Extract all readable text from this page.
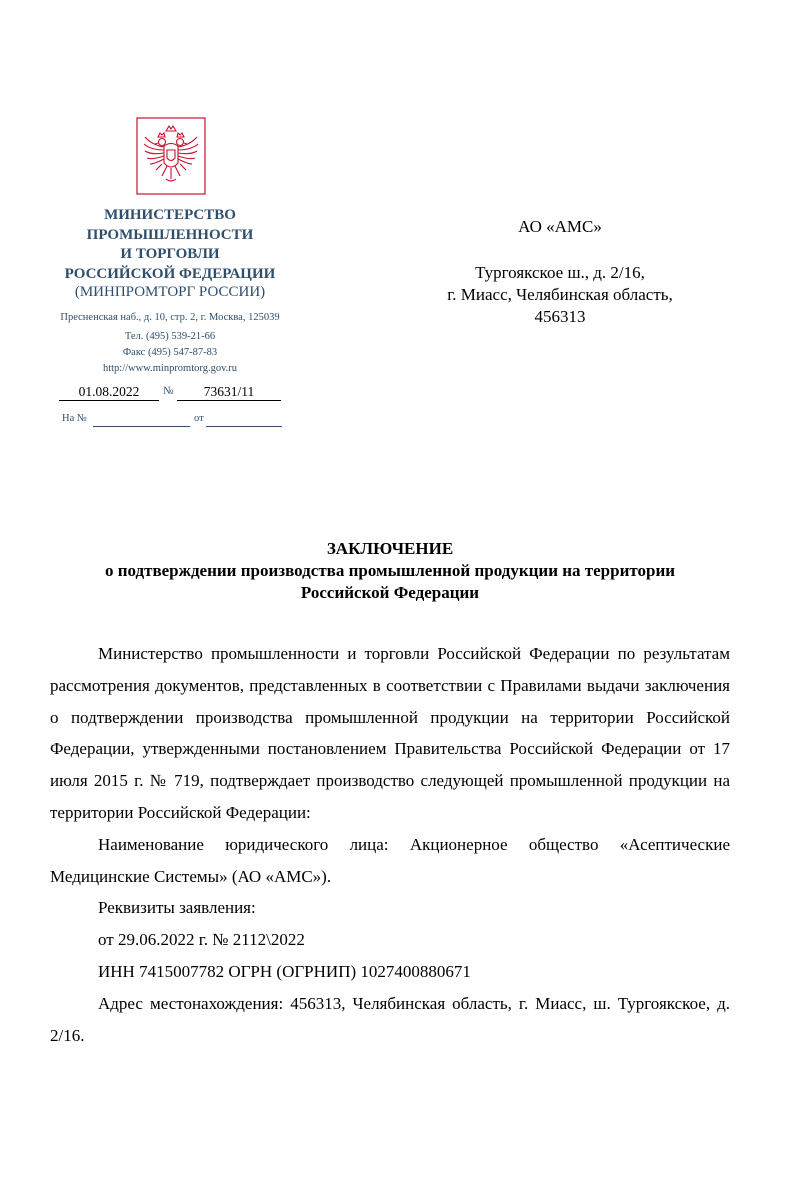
МИНИСТЕРСТВО
ПРОМЫШЛЕННОСТИ
И ТОРГОВЛИ
РОССИЙСКОЙ ФЕДЕРАЦИИ
(МИНПРОМТОРГ РОССИИ)
Пресненская наб., д. 10, стр. 2, г. Москва, 125039
Тел. (495) 539-21-66
Факс (495) 547-87-83
http://www.minpromtorg.gov.ru
01.08.2022	№	73631/11
На №	от
АО «АМС»
Тургоякское ш., д. 2/16,
г. Миасс, Челябинская область,
456313
ЗАКЛЮЧЕНИЕ
о подтверждении производства промышленной продукции на территории
Российской Федерации

Министерство промышленности и торговли Российской Федерации по результатам рассмотрения документов, представленных в соответствии с Правилами выдачи заключения о подтверждении производства промышленной продукции на территории Российской Федерации, утвержденными постановлением Правительства Российской Федерации от 17 июля 2015 г. № 719, подтверждает производство следующей промышленной продукции на территории Российской Федерации:

Наименование юридического лица: Акционерное общество «Асептические Медицинские Системы» (АО «АМС»).

Реквизиты заявления:

от 29.06.2022 г. № 2112\2022

ИНН 7415007782 ОГРН (ОГРНИП) 1027400880671

Адрес местонахождения: 456313, Челябинская область, г. Миасс, ш. Тургоякское, д. 2/16.
